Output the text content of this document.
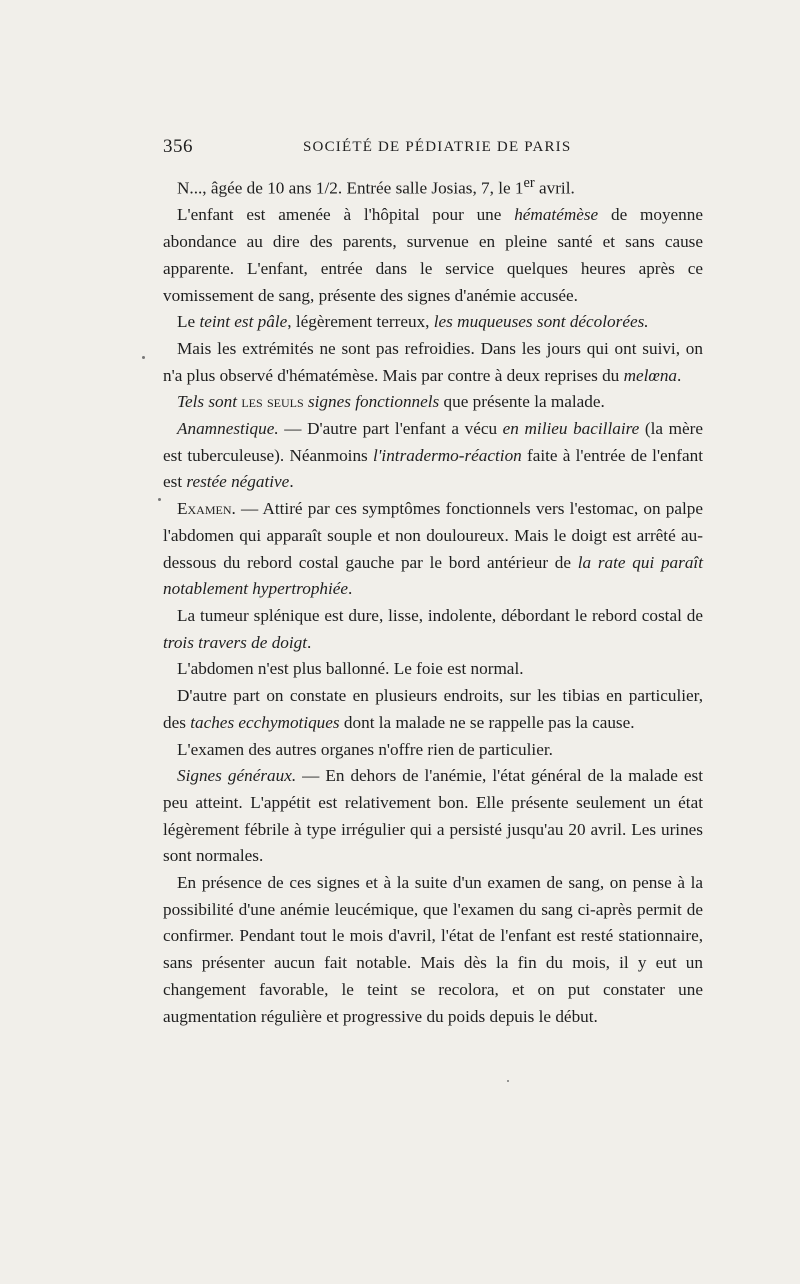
356	SOCIÉTÉ DE PÉDIATRIE DE PARIS

N..., âgée de 10 ans 1/2. Entrée salle Josias, 7, le 1er avril.

L'enfant est amenée à l'hôpital pour une hématémèse de moyenne abondance au dire des parents, survenue en pleine santé et sans cause apparente. L'enfant, entrée dans le service quelques heures après ce vomissement de sang, présente des signes d'anémie accusée.

Le teint est pâle, légèrement terreux, les muqueuses sont décolorées.

Mais les extrémités ne sont pas refroidies. Dans les jours qui ont suivi, on n'a plus observé d'hématémèse. Mais par contre à deux reprises du melœna.

Tels sont les seuls signes fonctionnels que présente la malade.

Anamnestique. — D'autre part l'enfant a vécu en milieu bacillaire (la mère est tuberculeuse). Néanmoins l'intradermo-réaction faite à l'entrée de l'enfant est restée négative.

Examen. — Attiré par ces symptômes fonctionnels vers l'estomac, on palpe l'abdomen qui apparaît souple et non douloureux. Mais le doigt est arrêté au-dessous du rebord costal gauche par le bord antérieur de la rate qui paraît notablement hypertrophiée.

La tumeur splénique est dure, lisse, indolente, débordant le rebord costal de trois travers de doigt.

L'abdomen n'est plus ballonné. Le foie est normal.

D'autre part on constate en plusieurs endroits, sur les tibias en particulier, des taches ecchymotiques dont la malade ne se rappelle pas la cause.

L'examen des autres organes n'offre rien de particulier.

Signes généraux. — En dehors de l'anémie, l'état général de la malade est peu atteint. L'appétit est relativement bon. Elle présente seulement un état légèrement fébrile à type irrégulier qui a persisté jusqu'au 20 avril. Les urines sont normales.

En présence de ces signes et à la suite d'un examen de sang, on pense à la possibilité d'une anémie leucémique, que l'examen du sang ci-après permit de confirmer. Pendant tout le mois d'avril, l'état de l'enfant est resté stationnaire, sans présenter aucun fait notable. Mais dès la fin du mois, il y eut un changement favorable, le teint se recolora, et on put constater une augmentation régulière et progressive du poids depuis le début.
